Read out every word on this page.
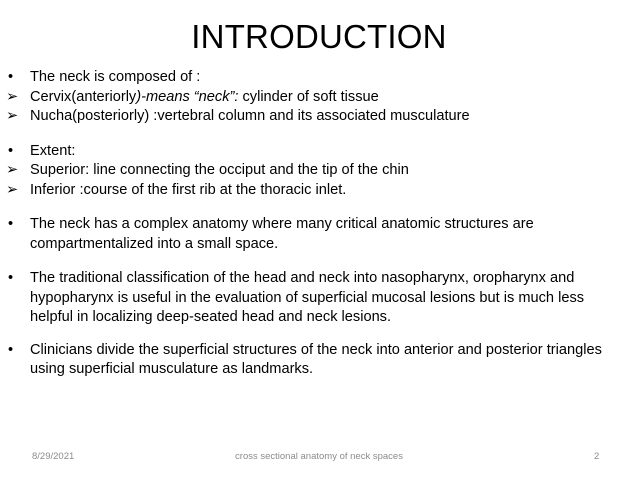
INTRODUCTION
•	The neck is composed of :
➢ Cervix(anteriorly)-means “neck”: cylinder of soft tissue
➢ Nucha(posteriorly) :vertebral column and its associated musculature
•	Extent:
➢ Superior: line connecting the occiput and the tip of the chin
➢ Inferior :course of the first rib at the thoracic inlet.
•	The neck has a complex anatomy where many critical anatomic structures are compartmentalized into a small space.
•	The traditional classification of the head and neck into nasopharynx, oropharynx and hypopharynx is useful in the evaluation of superficial mucosal lesions but is much less helpful in localizing deep-seated head and neck lesions.
•	Clinicians divide the superficial structures of the neck into anterior and posterior triangles using superficial musculature as landmarks.
8/29/2021	cross sectional anatomy of neck spaces	2
